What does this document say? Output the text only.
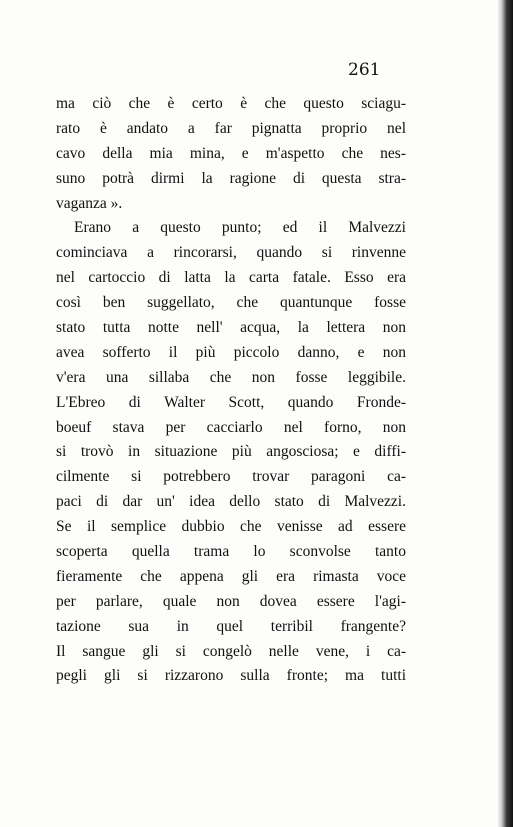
261
ma ciò che è certo è che questo sciagu-
rato è andato a far pignatta proprio nel
cavo della mia mina, e m'aspetto che nes-
suno potrà dirmi la ragione di questa stra-
vaganza ».
Erano a questo punto; ed il Malvezzi
cominciava a rincorarsi, quando si rinvenne
nel cartoccio di latta la carta fatale. Esso era
così ben suggellato, che quantunque fosse
stato tutta notte nell' acqua, la lettera non
avea sofferto il più piccolo danno, e non
v'era una sillaba che non fosse leggibile.
L'Ebreo di Walter Scott, quando Fronde-
boeuf stava per cacciarlo nel forno, non
si trovò in situazione più angosciosa; e diffi-
cilmente si potrebbero trovar paragoni ca-
paci di dar un' idea dello stato di Malvezzi.
Se il semplice dubbio che venisse ad essere
scoperta quella trama lo sconvolse tanto
fieramente che appena gli era rimasta voce
per parlare, quale non dovea essere l'agi-
tazione sua in quel terribil frangente?
Il sangue gli si congelò nelle vene, i ca-
pegli gli si rizzarono sulla fronte; ma tutti
